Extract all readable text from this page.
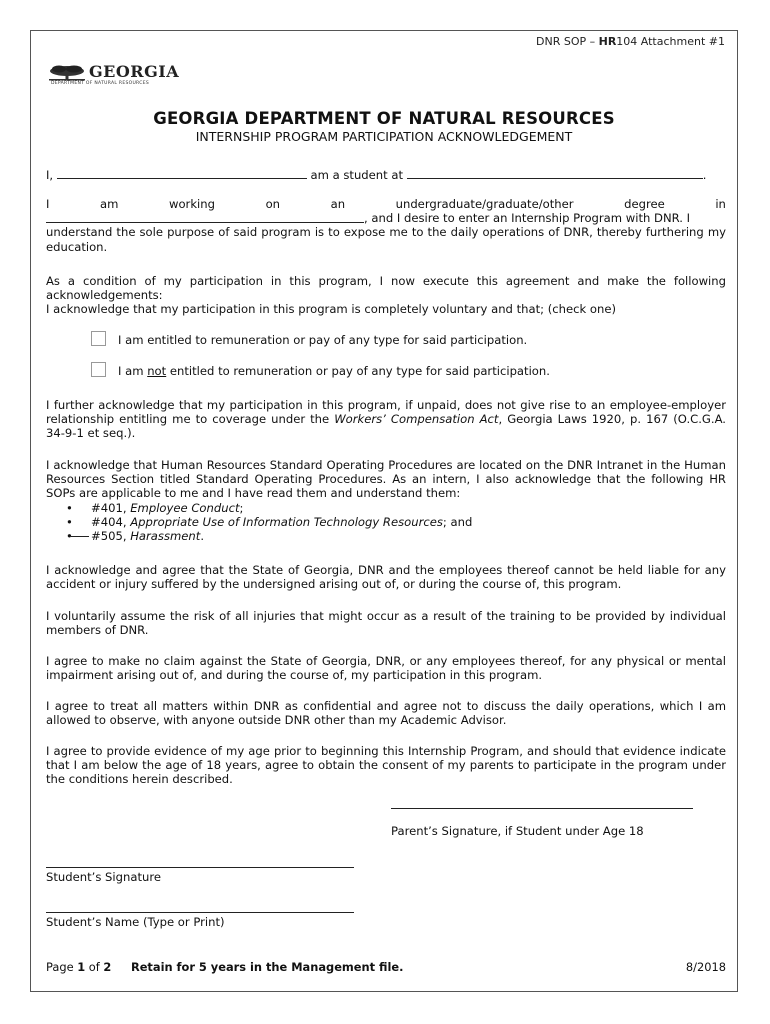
DNR SOP – HR104 Attachment #1
GEORGIA
DEPARTMENT OF NATURAL RESOURCES
GEORGIA DEPARTMENT OF NATURAL RESOURCES
INTERNSHIP PROGRAM PARTICIPATION ACKNOWLEDGEMENT
I,	am a student at	.
I	am	working	on	an	undergraduate/graduate/other	degree	in
, and I desire to enter an Internship Program with DNR. I
understand the sole purpose of said program is to expose me to the daily operations of DNR, thereby furthering my education.
As a condition of my participation in this program, I now execute this agreement and make the following acknowledgements:
I acknowledge that my participation in this program is completely voluntary and that; (check one)
I am entitled to remuneration or pay of any type for said participation.
I am not entitled to remuneration or pay of any type for said participation.
I further acknowledge that my participation in this program, if unpaid, does not give rise to an employee-employer relationship entitling me to coverage under the Workers’ Compensation Act, Georgia Laws 1920, p. 167 (O.C.G.A. 34-9-1 et seq.).
I acknowledge that Human Resources Standard Operating Procedures are located on the DNR Intranet in the Human Resources Section titled Standard Operating Procedures. As an intern, I also acknowledge that the following HR SOPs are applicable to me and I have read them and understand them:
• #401, Employee Conduct;
• #404, Appropriate Use of Information Technology Resources; and
•	#505, Harassment.
I acknowledge and agree that the State of Georgia, DNR and the employees thereof cannot be held liable for any accident or injury suffered by the undersigned arising out of, or during the course of, this program.
I voluntarily assume the risk of all injuries that might occur as a result of the training to be provided by individual members of DNR.
I agree to make no claim against the State of Georgia, DNR, or any employees thereof, for any physical or mental impairment arising out of, and during the course of, my participation in this program.
I agree to treat all matters within DNR as confidential and agree not to discuss the daily operations, which I am allowed to observe, with anyone outside DNR other than my Academic Advisor.
I agree to provide evidence of my age prior to beginning this Internship Program, and should that evidence indicate that I am below the age of 18 years, agree to obtain the consent of my parents to participate in the program under the conditions herein described.
Parent’s Signature, if Student under Age 18
Student’s Signature
Student’s Name (Type or Print)
Page 1 of 2 Retain for 5 years in the Management file.	8/2018
